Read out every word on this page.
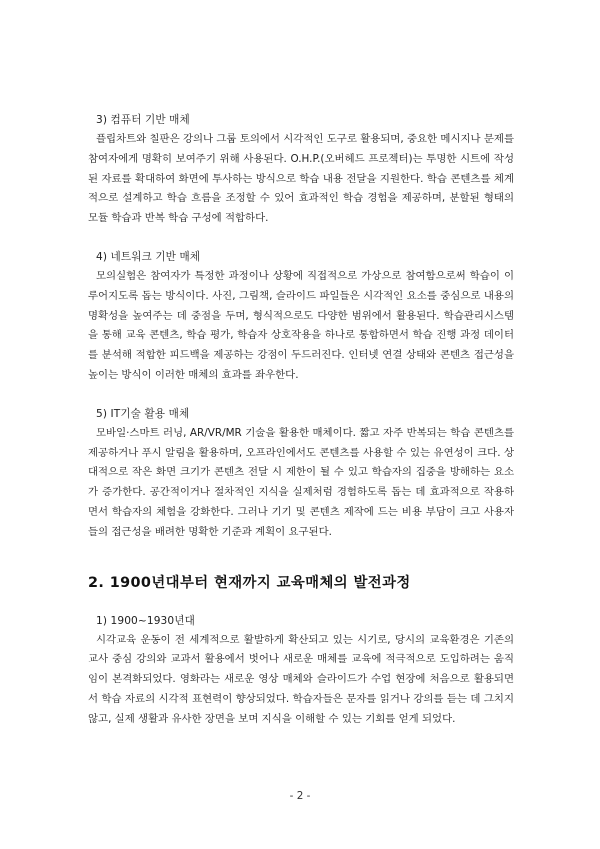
3) 컴퓨터 기반 매체

플립차트와 칠판은 강의나 그룹 토의에서 시각적인 도구로 활용되며, 중요한 메시지나 문제를 참여자에게 명확히 보여주기 위해 사용된다. O.H.P.(오버헤드 프로젝터)는 투명한 시트에 작성된 자료를 확대하여 화면에 투사하는 방식으로 학습 내용 전달을 지원한다. 학습 콘텐츠를 체계적으로 설계하고 학습 흐름을 조정할 수 있어 효과적인 학습 경험을 제공하며, 분할된 형태의 모듈 학습과 반복 학습 구성에 적합하다.

4) 네트워크 기반 매체

모의실험은 참여자가 특정한 과정이나 상황에 직접적으로 가상으로 참여함으로써 학습이 이루어지도록 돕는 방식이다. 사진, 그림책, 슬라이드 파일들은 시각적인 요소를 중심으로 내용의 명확성을 높여주는 데 중점을 두며, 형식적으로도 다양한 범위에서 활용된다. 학습관리시스템을 통해 교육 콘텐츠, 학습 평가, 학습자 상호작용을 하나로 통합하면서 학습 진행 과정 데이터를 분석해 적합한 피드백을 제공하는 강점이 두드러진다. 인터넷 연결 상태와 콘텐츠 접근성을 높이는 방식이 이러한 매체의 효과를 좌우한다.

5) IT기술 활용 매체

모바일·스마트 러닝, AR/VR/MR 기술을 활용한 매체이다. 짧고 자주 반복되는 학습 콘텐츠를 제공하거나 푸시 알림을 활용하며, 오프라인에서도 콘텐츠를 사용할 수 있는 유연성이 크다. 상대적으로 작은 화면 크기가 콘텐츠 전달 시 제한이 될 수 있고 학습자의 집중을 방해하는 요소가 증가한다. 공간적이거나 절차적인 지식을 실제처럼 경험하도록 돕는 데 효과적으로 작용하면서 학습자의 체험을 강화한다. 그러나 기기 및 콘텐츠 제작에 드는 비용 부담이 크고 사용자들의 접근성을 배려한 명확한 기준과 계획이 요구된다.

2. 1900년대부터 현재까지 교육매체의 발전과정
1) 1900~1930년대

시각교육 운동이 전 세계적으로 활발하게 확산되고 있는 시기로, 당시의 교육환경은 기존의 교사 중심 강의와 교과서 활용에서 벗어나 새로운 매체를 교육에 적극적으로 도입하려는 움직임이 본격화되었다. 영화라는 새로운 영상 매체와 슬라이드가 수업 현장에 처음으로 활용되면서 학습 자료의 시각적 표현력이 향상되었다. 학습자들은 문자를 읽거나 강의를 듣는 데 그치지 않고, 실제 생활과 유사한 장면을 보며 지식을 이해할 수 있는 기회를 얻게 되었다.

- 2 -
